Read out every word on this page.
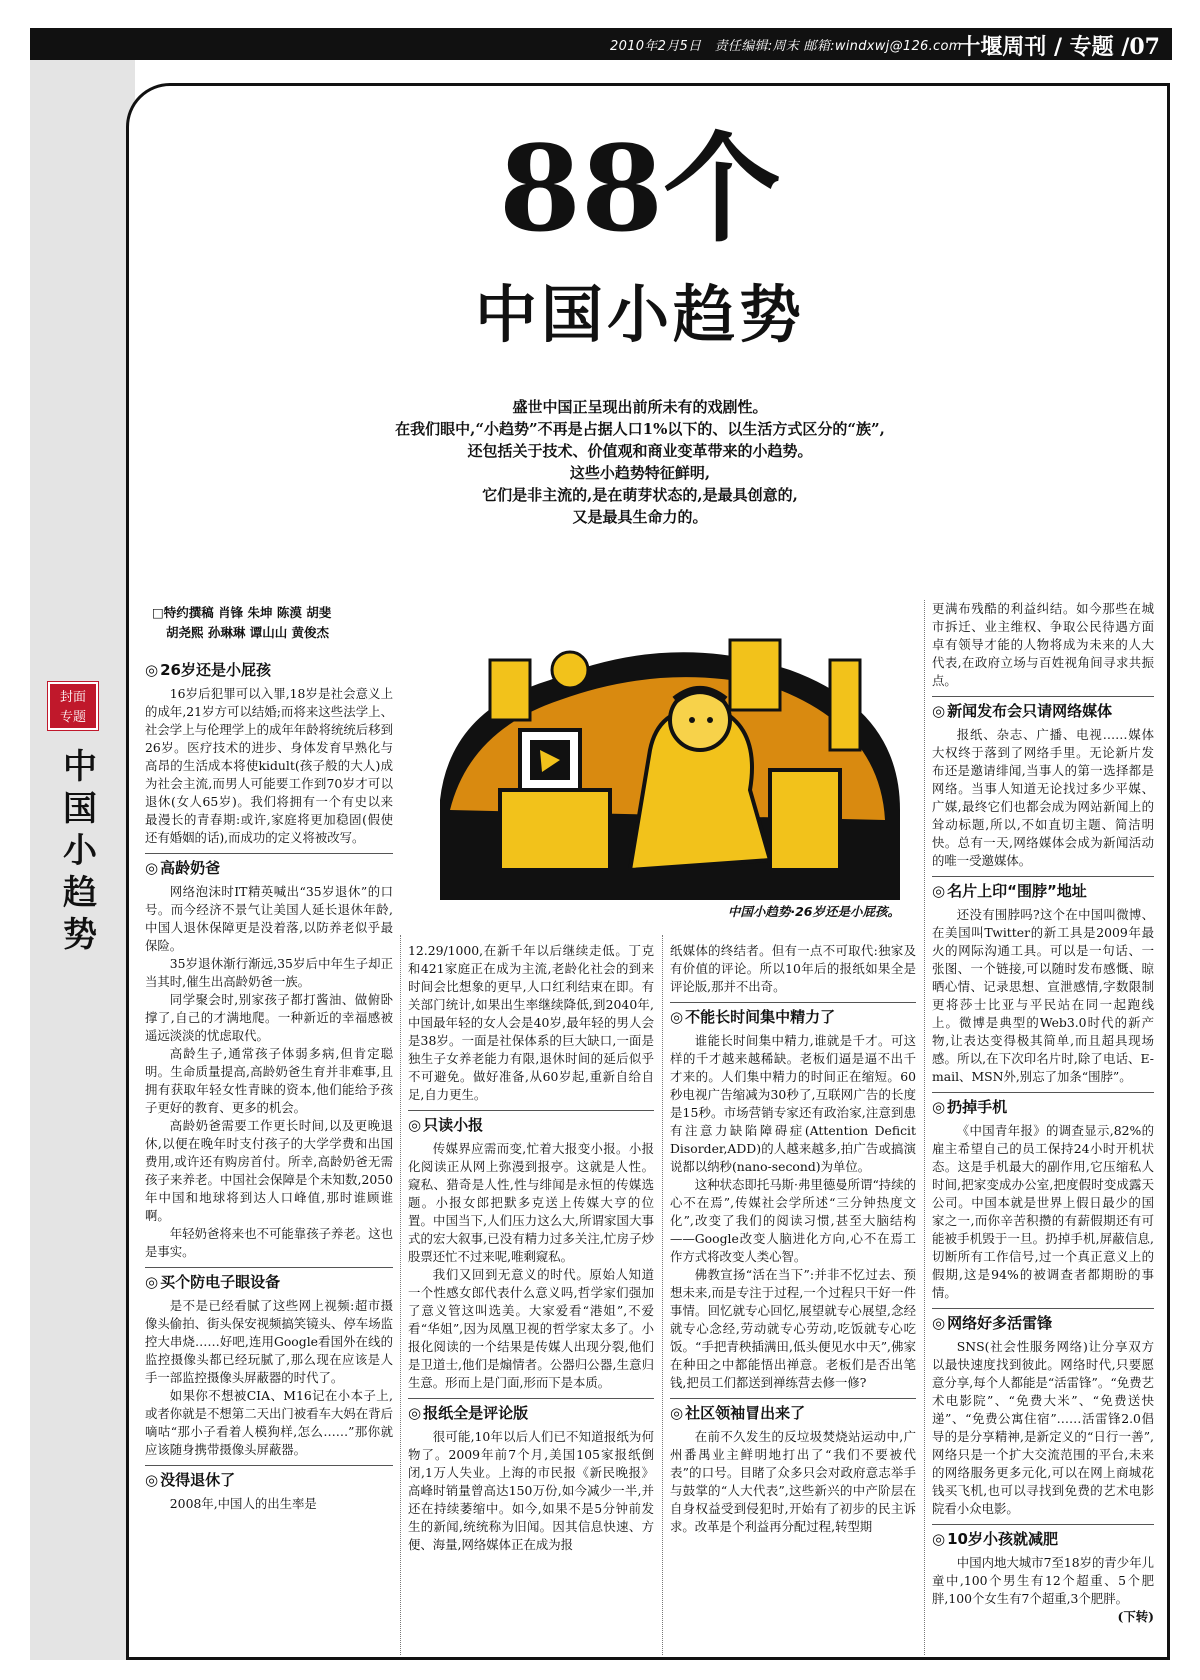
2010年2月5日　责任编辑:周末 邮箱:windxwj@126.com
十堰周刊 / 专题 /07
封面
专题
中
国
小
趋
势
88个
中国小趋势
盛世中国正呈现出前所未有的戏剧性。
在我们眼中,“小趋势”不再是占据人口1%以下的、以生活方式区分的“族”,
还包括关于技术、价值观和商业变革带来的小趋势。
这些小趋势特征鲜明,
它们是非主流的,是在萌芽状态的,是最具创意的,
又是最具生命力的。
□特约撰稿 肖锋 朱坤 陈漠 胡斐
胡尧熙 孙琳琳 谭山山 黄俊杰
中国小趋势·26岁还是小屁孩。
◎ 26岁还是小屁孩

16岁后犯罪可以入罪,18岁是社会意义上的成年,21岁方可以结婚;而将来这些法学上、社会学上与伦理学上的成年年龄将统统后移到26岁。医疗技术的进步、身体发育早熟化与高昂的生活成本将使kidult(孩子般的大人)成为社会主流,而男人可能要工作到70岁才可以退休(女人65岁)。我们将拥有一个有史以来最漫长的青春期:或许,家庭将更加稳固(假使还有婚姻的话),而成功的定义将被改写。

◎ 高龄奶爸

网络泡沫时IT精英喊出“35岁退休”的口号。而今经济不景气让美国人延长退休年龄,中国人退休保障更是没着落,以防养老似乎最保险。

35岁退休渐行渐远,35岁后中年生子却正当其时,催生出高龄奶爸一族。

同学聚会时,别家孩子都打酱油、做俯卧撑了,自己的才满地爬。一种新近的幸福感被遥远淡淡的忧虑取代。

高龄生子,通常孩子体弱多病,但肯定聪明。生命质量提高,高龄奶爸生育并非难事,且拥有获取年轻女性青睐的资本,他们能给予孩子更好的教育、更多的机会。

高龄奶爸需要工作更长时间,以及更晚退休,以便在晚年时支付孩子的大学学费和出国费用,或许还有购房首付。所幸,高龄奶爸无需孩子来养老。中国社会保障是个未知数,2050年中国和地球将到达人口峰值,那时谁顾谁啊。

年轻奶爸将来也不可能靠孩子养老。这也是事实。

◎ 买个防电子眼设备

是不是已经看腻了这些网上视频:超市摄像头偷拍、街头保安视频搞笑镜头、停车场监控大串烧……好吧,连用Google看国外在线的监控摄像头都已经玩腻了,那么现在应该是人手一部监控摄像头屏蔽器的时代了。

如果你不想被CIA、M16记在小本子上,或者你就是不想第二天出门被看车大妈在背后嘀咕“那小子看着人模狗样,怎么……”那你就应该随身携带摄像头屏蔽器。

◎ 没得退休了

2008年,中国人的出生率是

12.29/1000,在新千年以后继续走低。丁克和421家庭正在成为主流,老龄化社会的到来时间会比想象的更早,人口红利结束在即。有关部门统计,如果出生率继续降低,到2040年,中国最年轻的女人会是40岁,最年轻的男人会是38岁。一面是社保体系的巨大缺口,一面是独生子女养老能力有限,退休时间的延后似乎不可避免。做好准备,从60岁起,重新自给自足,自力更生。

◎ 只读小报

传媒界应需而变,忙着大报变小报。小报化阅读正从网上弥漫到报亭。这就是人性。窥私、猎奇是人性,性与绯闻是永恒的传媒选题。小报女郎把默多克送上传媒大亨的位置。中国当下,人们压力这么大,所谓家国大事式的宏大叙事,已没有精力过多关注,忙房子炒股票还忙不过来呢,唯剩窥私。

我们又回到无意义的时代。原始人知道一个性感女郎代表什么意义吗,哲学家们强加了意义管这叫选美。大家爱看“港姐”,不爱看“华姐”,因为凤凰卫视的哲学家太多了。小报化阅读的一个结果是传媒人出现分裂,他们是卫道士,他们是煽情者。公器归公器,生意归生意。形而上是门面,形而下是本质。

◎ 报纸全是评论版

很可能,10年以后人们已不知道报纸为何物了。2009年前7个月,美国105家报纸倒闭,1万人失业。上海的市民报《新民晚报》高峰时销量曾高达150万份,如今减少一半,并还在持续萎缩中。如今,如果不是5分钟前发生的新闻,统统称为旧闻。因其信息快速、方便、海量,网络媒体正在成为报

纸媒体的终结者。但有一点不可取代:独家及有价值的评论。所以10年后的报纸如果全是评论版,那并不出奇。

◎ 不能长时间集中精力了

谁能长时间集中精力,谁就是千才。可这样的千才越来越稀缺。老板们逼是逼不出千才来的。人们集中精力的时间正在缩短。60秒电视广告缩减为30秒了,互联网广告的长度是15秒。市场营销专家还有政治家,注意到患有注意力缺陷障碍症(Attention Deficit Disorder,ADD)的人越来越多,拍广告或搞演说都以纳秒(nano-second)为单位。

这种状态即托马斯·弗里德曼所谓“持续的心不在焉”,传媒社会学所述“三分钟热度文化”,改变了我们的阅读习惯,甚至大脑结构——Google改变人脑进化方向,心不在焉工作方式将改变人类心智。

佛教宣扬“活在当下”:并非不忆过去、预想未来,而是专注于过程,一个过程只干好一件事情。回忆就专心回忆,展望就专心展望,念经就专心念经,劳动就专心劳动,吃饭就专心吃饭。“手把青秧插满田,低头便见水中天”,佛家在种田之中都能悟出禅意。老板们是否出笔钱,把员工们都送到禅练营去修一修?

◎ 社区领袖冒出来了

在前不久发生的反垃圾焚烧站运动中,广州番禺业主鲜明地打出了“我们不要被代表”的口号。目睹了众多只会对政府意志举手与鼓掌的“人大代表”,这些新兴的中产阶层在自身权益受到侵犯时,开始有了初步的民主诉求。改革是个利益再分配过程,转型期

更满布残酷的利益纠结。如今那些在城市拆迁、业主维权、争取公民待遇方面卓有领导才能的人物将成为未来的人大代表,在政府立场与百姓视角间寻求共振点。

◎ 新闻发布会只请网络媒体

报纸、杂志、广播、电视……媒体大权终于落到了网络手里。无论新片发布还是邀请绯闻,当事人的第一选择都是网络。当事人知道无论找过多少平媒、广媒,最终它们也都会成为网站新闻上的耸动标题,所以,不如直切主题、简洁明快。总有一天,网络媒体会成为新闻活动的唯一受邀媒体。

◎ 名片上印“围脖”地址

还没有围脖吗?这个在中国叫微博、在美国叫Twitter的新工具是2009年最火的网际沟通工具。可以是一句话、一张图、一个链接,可以随时发布感慨、晾晒心情、记录思想、宣泄感情,字数限制更将莎士比亚与平民站在同一起跑线上。微博是典型的Web3.0时代的新产物,让表达变得极其简单,而且超具现场感。所以,在下次印名片时,除了电话、E-mail、MSN外,别忘了加条“围脖”。

◎ 扔掉手机

《中国青年报》的调查显示,82%的雇主希望自己的员工保持24小时开机状态。这是手机最大的副作用,它压缩私人时间,把家变成办公室,把度假时变成露天公司。中国本就是世界上假日最少的国家之一,而你辛苦积攒的有薪假期还有可能被手机毁于一旦。扔掉手机,屏蔽信息,切断所有工作信号,过一个真正意义上的假期,这是94%的被调查者都期盼的事情。

◎ 网络好多活雷锋

SNS(社会性服务网络)让分享双方以最快速度找到彼此。网络时代,只要愿意分享,每个人都能是“活雷锋”。“免费艺术电影院”、“免费大米”、“免费送快递”、“免费公寓住宿”……活雷锋2.0倡导的是分享精神,是新定义的“日行一善”,网络只是一个扩大交流范围的平台,未来的网络服务更多元化,可以在网上商城花钱买飞机,也可以寻找到免费的艺术电影院看小众电影。

◎ 10岁小孩就减肥

中国内地大城市7至18岁的青少年儿童中,100个男生有12个超重、5个肥胖,100个女生有7个超重,3个肥胖。

(下转)
